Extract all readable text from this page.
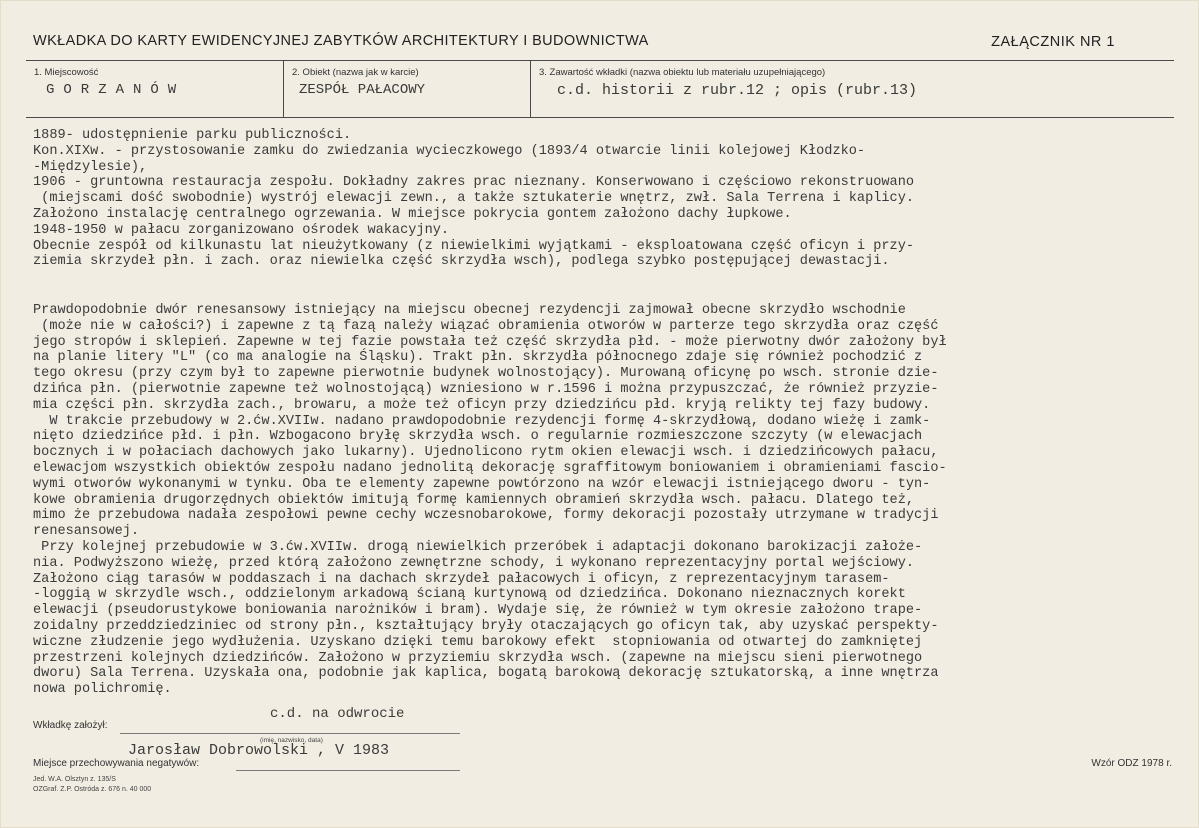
WKŁADKA DO KARTY EWIDENCYJNEJ ZABYTKÓW ARCHITEKTURY I BUDOWNICTWA	ZAŁĄCZNIK NR 1
1. Miejscowość
GORZANÓW
2. Obiekt (nazwa jak w karcie)
ZESPÓŁ PAŁACOWY
3. Zawartość wkładki (nazwa obiektu lub materiału uzupełniającego)
c.d. historii z rubr.12 ; opis (rubr.13)
1889- udostępnienie parku publiczności.
Kon.XIXw. - przystosowanie zamku do zwiedzania wycieczkowego (1893/4 otwarcie linii kolejowej Kłodzko-
-Międzylesie),
1906 - gruntowna restauracja zespołu. Dokładny zakres prac nieznany. Konserwowano i częściowo rekonstruowano
(miejscami dość swobodnie) wystrój elewacji zewn., a także sztukaterie wnętrz, zwł. Sala Terrena i kaplicy.
Założono instalację centralnego ogrzewania. W miejsce pokrycia gontem założono dachy łupkowe.
1948-1950 w pałacu zorganizowano ośrodek wakacyjny.
Obecnie zespół od kilkunastu lat nieużytkowany (z niewielkimi wyjątkami - eksploatowana część oficyn i przy-
ziemia skrzydeł płn. i zach. oraz niewielka część skrzydła wsch), podlega szybko postępującej dewastacji.
Prawdopodobnie dwór renesansowy istniejący na miejscu obecnej rezydencji zajmował obecne skrzydło wschodnie
(może nie w całości?) i zapewne z tą fazą należy wiązać obramienia otworów w parterze tego skrzydła oraz część
jego stropów i sklepień. Zapewne w tej fazie powstała też część skrzydła płd. - może pierwotny dwór założony był
na planie litery "L" (co ma analogie na Śląsku). Trakt płn. skrzydła północnego zdaje się również pochodzić z
tego okresu (przy czym był to zapewne pierwotnie budynek wolnostojący). Murowaną oficynę po wsch. stronie dzie-
dzińca płn. (pierwotnie zapewne też wolnostojącą) wzniesiono w r.1596 i można przypuszczać, że również przyzie-
mia części płn. skrzydła zach., browaru, a może też oficyn przy dziedzińcu płd. kryją relikty tej fazy budowy.
W trakcie przebudowy w 2.ćw.XVIIw. nadano prawdopodobnie rezydencji formę 4-skrzydłową, dodano wieżę i zamk-
nięto dziedzińce płd. i płn. Wzbogacono bryłę skrzydła wsch. o regularnie rozmieszczone szczyty (w elewacjach
bocznych i w połaciach dachowych jako lukarny). Ujednolicono rytm okien elewacji wsch. i dziedzińcowych pałacu,
elewacjom wszystkich obiektów zespołu nadano jednolitą dekorację sgraffitowym boniowaniem i obramieniami fascio-
wymi otworów wykonanymi w tynku. Oba te elementy zapewne powtórzono na wzór elewacji istniejącego dworu - tyn-
kowe obramienia drugorzędnych obiektów imitują formę kamiennych obramień skrzydła wsch. pałacu. Dlatego też,
mimo że przebudowa nadała zespołowi pewne cechy wczesnobarokowe, formy dekoracji pozostały utrzymane w tradycji
renesansowej.
Przy kolejnej przebudowie w 3.ćw.XVIIw. drogą niewielkich przeróbek i adaptacji dokonano barokizacji założe-
nia. Podwyższono wieżę, przed którą założono zewnętrzne schody, i wykonano reprezentacyjny portal wejściowy.
Założono ciąg tarasów w poddaszach i na dachach skrzydeł pałacowych i oficyn, z reprezentacyjnym tarasem-
-loggią w skrzydle wsch., oddzielonym arkadową ścianą kurtynową od dziedzińca. Dokonano nieznacznych korekt
elewacji (pseudorustykowe boniowania narożników i bram). Wydaje się, że również w tym okresie założono trape-
zoidalny przeddziedziniec od strony płn., kształtujący bryły otaczających go oficyn tak, aby uzyskać perspekty-
wiczne złudzenie jego wydłużenia. Uzyskano dzięki temu barokowy efekt  stopniowania od otwartej do zamkniętej
przestrzeni kolejnych dziedzińców. Założono w przyziemiu skrzydła wsch. (zapewne na miejscu sieni pierwotnego
dworu) Sala Terrena. Uzyskała ona, podobnie jak kaplica, bogatą barokową dekorację sztukatorską, a inne wnętrza
nowa polichromię.
c.d. na odwrocie
Wkładkę założył:
(imię, nazwisko, data)
Jarosław Dobrowolski , V 1983
Miejsce przechowywania negatywów:
Jed. W.A. Olsztyn z. 135/S
OZGraf. Z.P. Ostróda z. 676 n. 40 000
Wzór ODZ 1978 r.
